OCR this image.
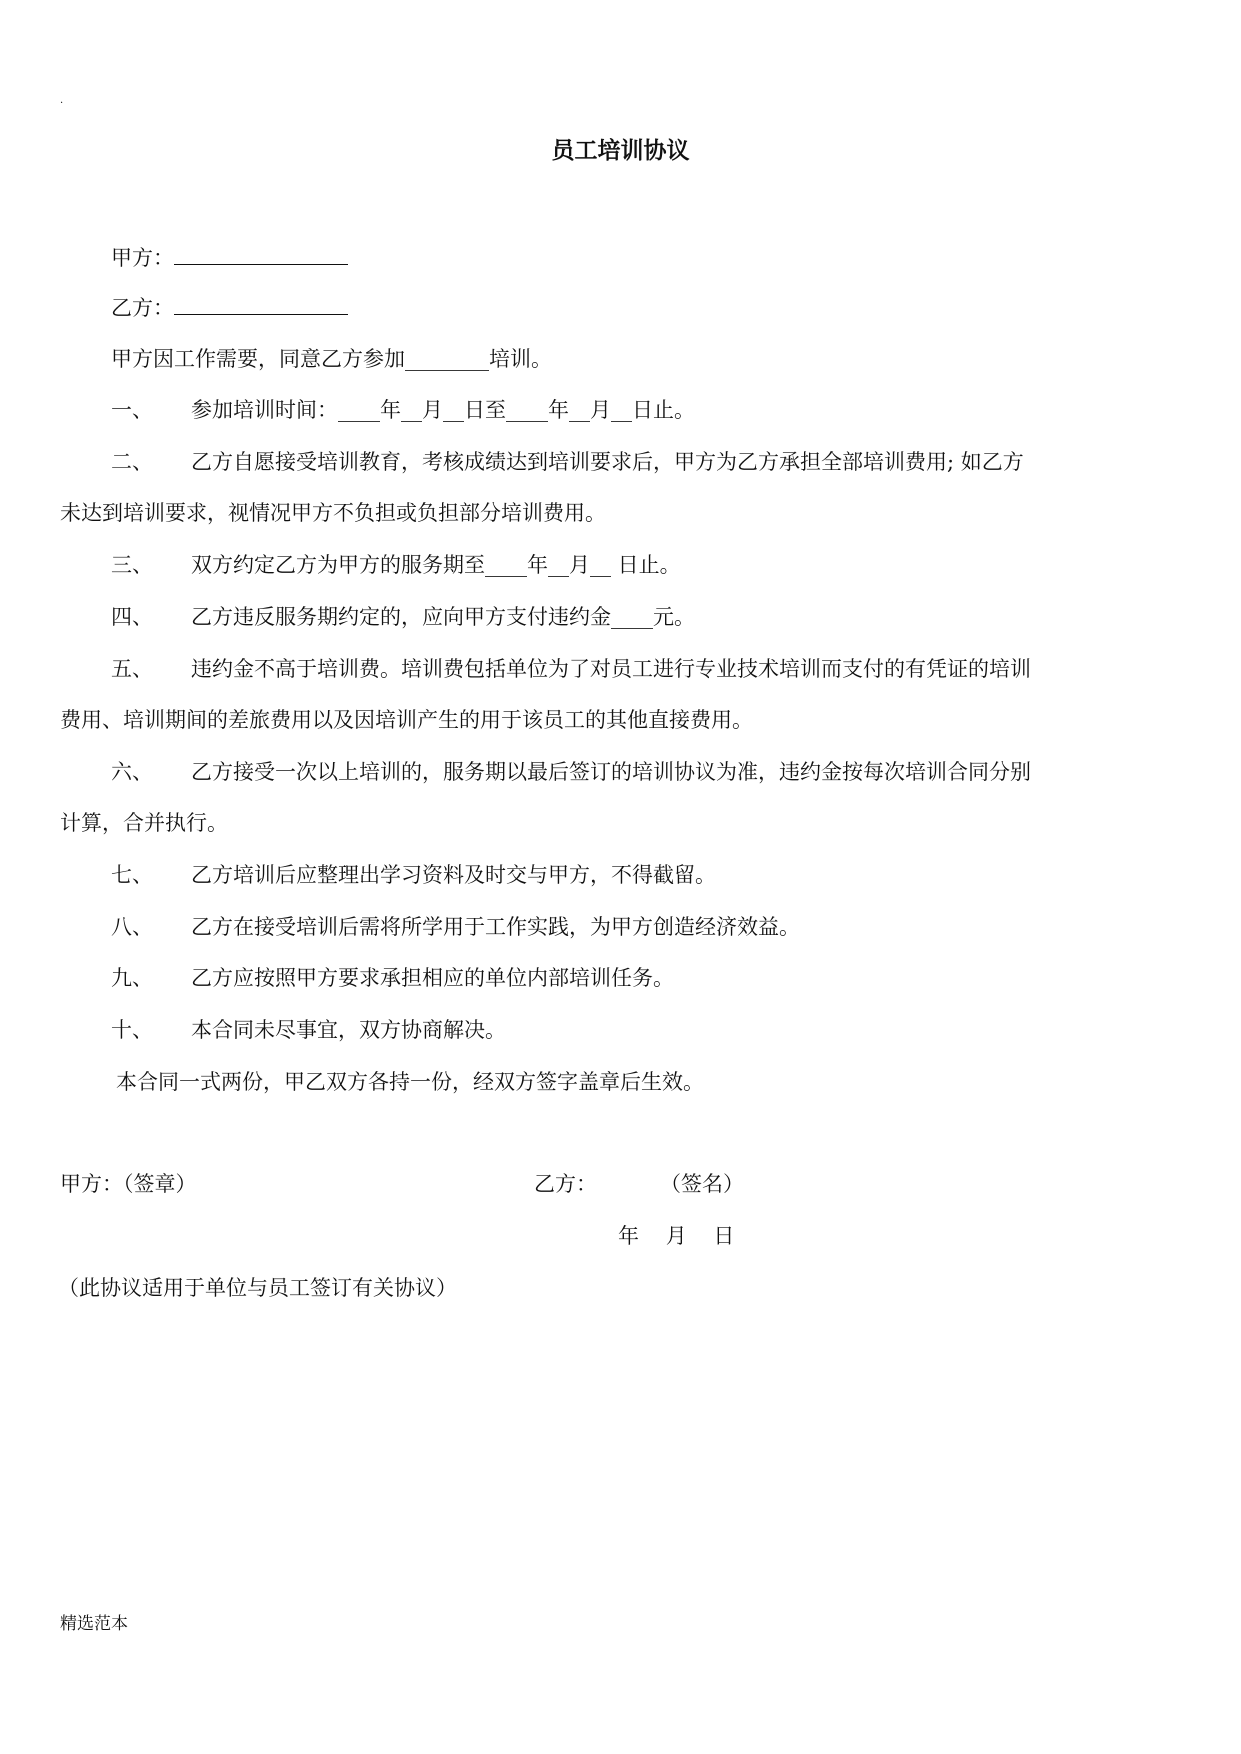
.
员工培训协议
甲方：
乙方：
甲方因工作需要，同意乙方参加________培训。
一、 参加培训时间：____年__月__日至____年__月__日止。
二、 乙方自愿接受培训教育，考核成绩达到培训要求后，甲方为乙方承担全部培训费用; 如乙方
未达到培训要求，视情况甲方不负担或负担部分培训费用。
三、 双方约定乙方为甲方的服务期至____年__月__ 日止。
四、 乙方违反服务期约定的，应向甲方支付违约金____元。
五、 违约金不高于培训费。培训费包括单位为了对员工进行专业技术培训而支付的有凭证的培训
费用、培训期间的差旅费用以及因培训产生的用于该员工的其他直接费用。
六、 乙方接受一次以上培训的，服务期以最后签订的培训协议为准，违约金按每次培训合同分别
计算，合并执行。
七、 乙方培训后应整理出学习资料及时交与甲方，不得截留。
八、 乙方在接受培训后需将所学用于工作实践，为甲方创造经济效益。
九、 乙方应按照甲方要求承担相应的单位内部培训任务。
十、 本合同未尽事宜，双方协商解决。
本合同一式两份，甲乙双方各持一份，经双方签字盖章后生效。
甲方：（签章）	乙方：	（签名）
年    月    日
（此协议适用于单位与员工签订有关协议）
精选范本
